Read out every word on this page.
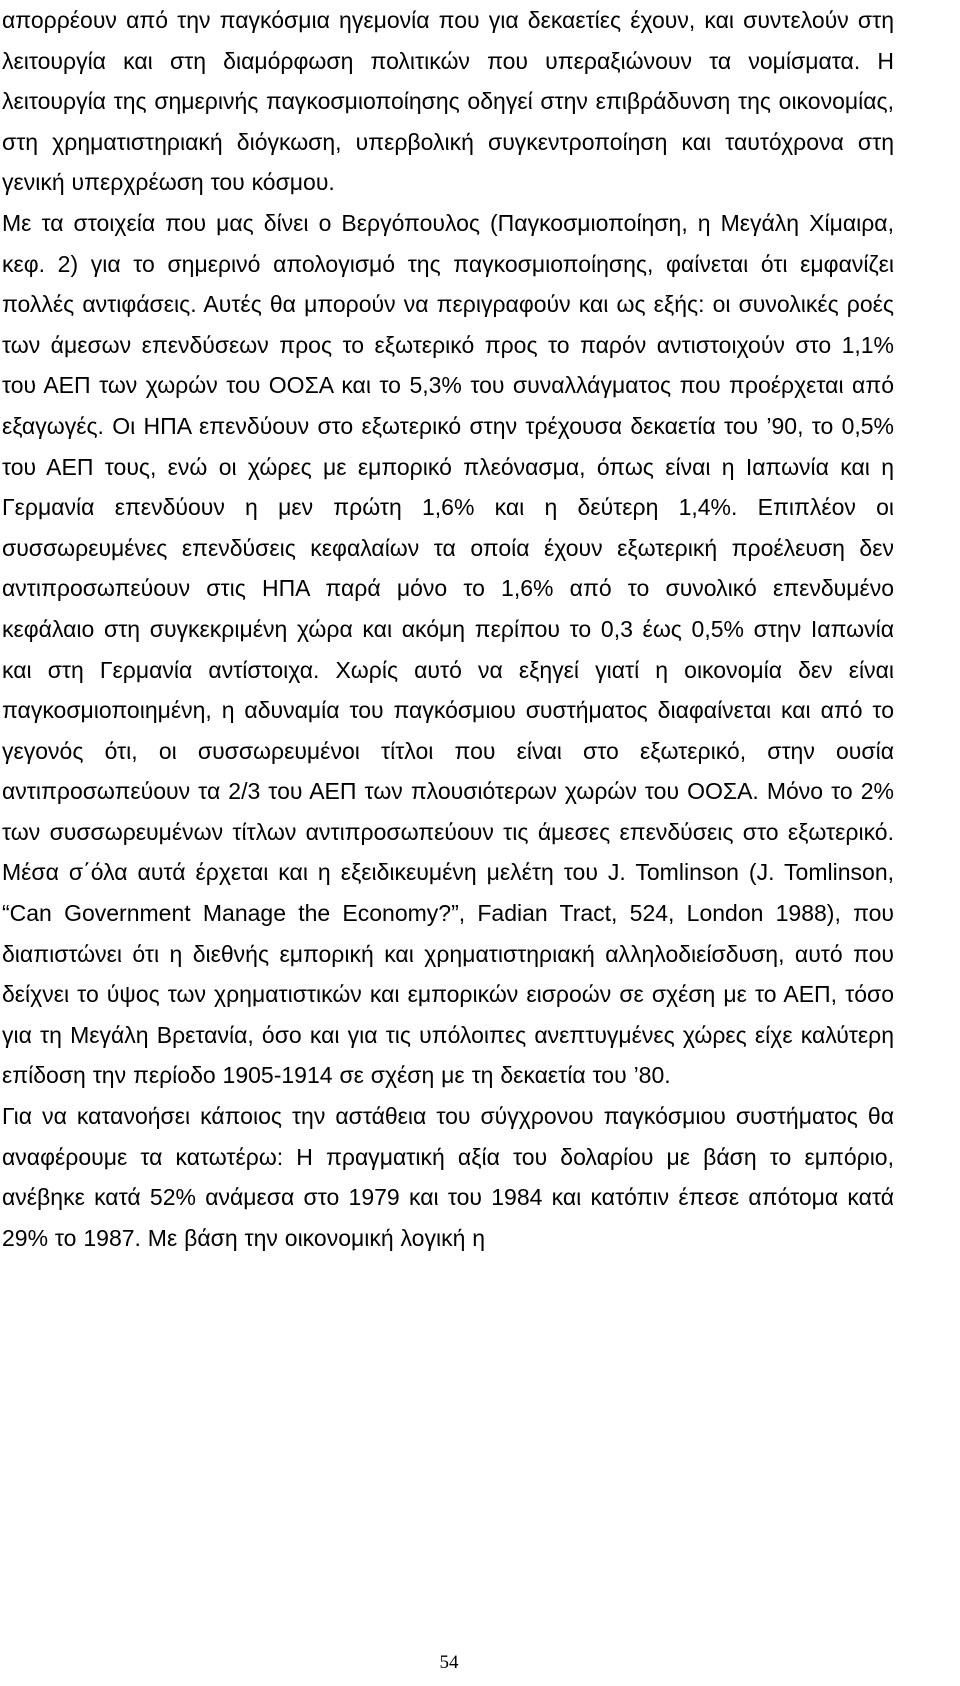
απορρέουν από την παγκόσμια ηγεμονία που για δεκαετίες έχουν, και συντελούν στη λειτουργία και στη διαμόρφωση πολιτικών που υπεραξιώνουν τα νομίσματα. Η λειτουργία της σημερινής παγκοσμιοποίησης οδηγεί στην επιβράδυνση της οικονομίας, στη χρηματιστηριακή διόγκωση, υπερβολική συγκεντροποίηση και ταυτόχρονα στη γενική υπερχρέωση του κόσμου.

Με τα στοιχεία που μας δίνει ο Βεργόπουλος (Παγκοσμιοποίηση, η Μεγάλη Χίμαιρα, κεφ. 2) για το σημερινό απολογισμό της παγκοσμιοποίησης, φαίνεται ότι εμφανίζει πολλές αντιφάσεις. Αυτές θα μπορούν να περιγραφούν και ως εξής: οι συνολικές ροές των άμεσων επενδύσεων προς το εξωτερικό προς το παρόν αντιστοιχούν στο 1,1% του ΑΕΠ των χωρών του ΟΟΣΑ και το 5,3% του συναλλάγματος που προέρχεται από εξαγωγές. Οι ΗΠΑ επενδύουν στο εξωτερικό στην τρέχουσα δεκαετία του ’90, το 0,5% του ΑΕΠ τους, ενώ οι χώρες με εμπορικό πλεόνασμα, όπως είναι η Ιαπωνία και η Γερμανία επενδύουν η μεν πρώτη 1,6% και η δεύτερη 1,4%. Επιπλέον οι συσσωρευμένες επενδύσεις κεφαλαίων τα οποία έχουν εξωτερική προέλευση δεν αντιπροσωπεύουν στις ΗΠΑ παρά μόνο το 1,6% από το συνολικό επενδυμένο κεφάλαιο στη συγκεκριμένη χώρα και ακόμη περίπου το 0,3 έως 0,5% στην Ιαπωνία και στη Γερμανία αντίστοιχα. Χωρίς αυτό να εξηγεί γιατί η οικονομία δεν είναι παγκοσμιοποιημένη, η αδυναμία του παγκόσμιου συστήματος διαφαίνεται και από το γεγονός ότι, οι συσσωρευμένοι τίτλοι που είναι στο εξωτερικό, στην ουσία αντιπροσωπεύουν τα 2/3 του ΑΕΠ των πλουσιότερων χωρών του ΟΟΣΑ. Μόνο το 2% των συσσωρευμένων τίτλων αντιπροσωπεύουν τις άμεσες επενδύσεις στο εξωτερικό. Μέσα σ΄όλα αυτά έρχεται και η εξειδικευμένη μελέτη του J. Tomlinson (J. Tomlinson, “Can Government Manage the Economy?”, Fadian Tract, 524, London 1988), που διαπιστώνει ότι η διεθνής εμπορική και χρηματιστηριακή αλληλοδιείσδυση, αυτό που δείχνει το ύψος των χρηματιστικών και εμπορικών εισροών σε σχέση με το ΑΕΠ, τόσο για τη Μεγάλη Βρετανία, όσο και για τις υπόλοιπες ανεπτυγμένες χώρες είχε καλύτερη επίδοση την περίοδο 1905-1914 σε σχέση με τη δεκαετία του ’80.

Για να κατανοήσει κάποιος την αστάθεια του σύγχρονου παγκόσμιου συστήματος θα αναφέρουμε τα κατωτέρω: Η πραγματική αξία του δολαρίου με βάση το εμπόριο, ανέβηκε κατά 52% ανάμεσα στο 1979 και του 1984 και κατόπιν έπεσε απότομα κατά 29% το 1987. Με βάση την οικονομική λογική η

54
